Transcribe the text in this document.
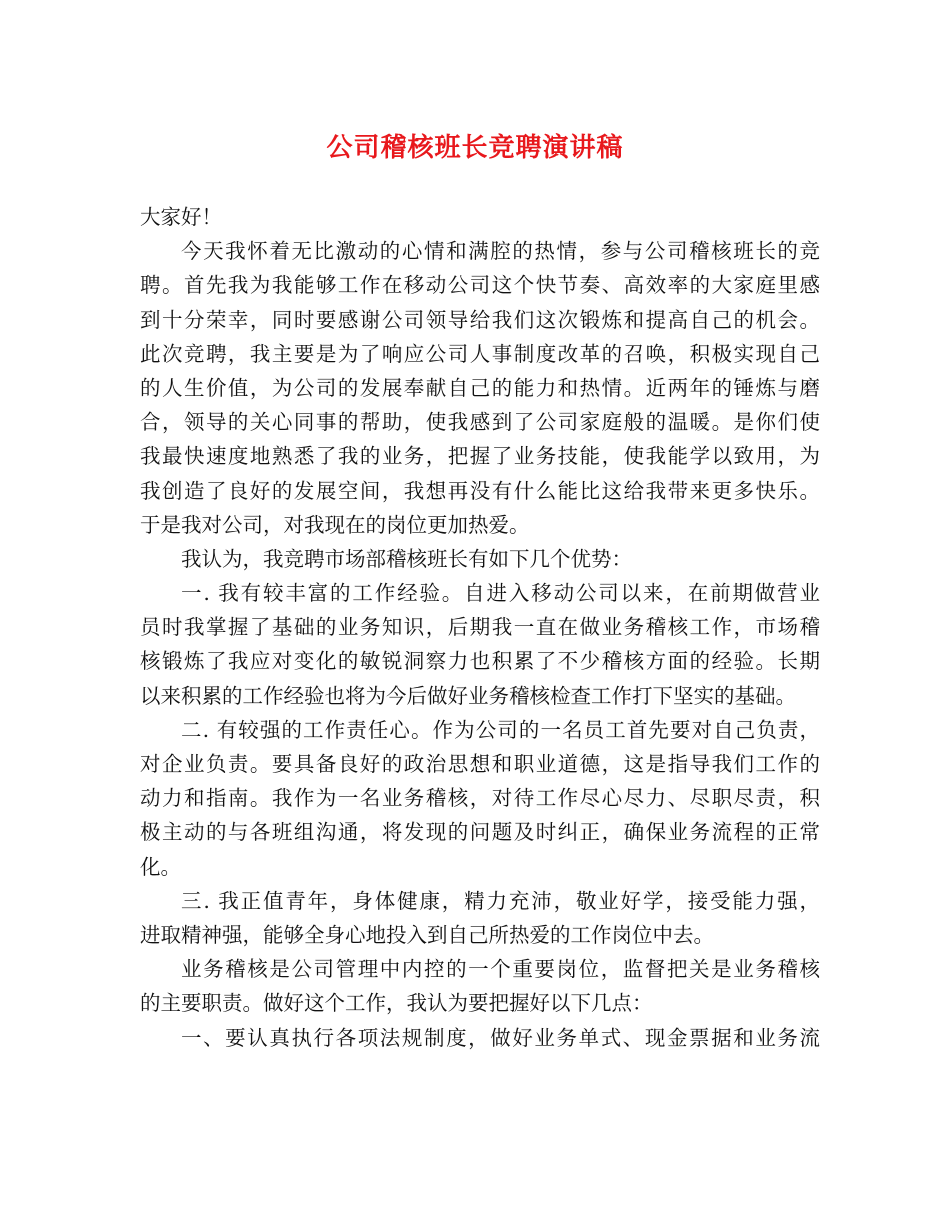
公司稽核班长竞聘演讲稿
大家好！
今天我怀着无比激动的心情和满腔的热情，参与公司稽核班长的竞
聘。首先我为我能够工作在移动公司这个快节奏、高效率的大家庭里感
到十分荣幸，同时要感谢公司领导给我们这次锻炼和提高自己的机会。
此次竞聘，我主要是为了响应公司人事制度改革的召唤，积极实现自己
的人生价值，为公司的发展奉献自己的能力和热情。近两年的锤炼与磨
合，领导的关心同事的帮助，使我感到了公司家庭般的温暖。是你们使
我最快速度地熟悉了我的业务，把握了业务技能，使我能学以致用，为
我创造了良好的发展空间，我想再没有什么能比这给我带来更多快乐。
于是我对公司，对我现在的岗位更加热爱。
我认为，我竞聘市场部稽核班长有如下几个优势：
一. 我有较丰富的工作经验。自进入移动公司以来，在前期做营业
员时我掌握了基础的业务知识，后期我一直在做业务稽核工作，市场稽
核锻炼了我应对变化的敏锐洞察力也积累了不少稽核方面的经验。长期
以来积累的工作经验也将为今后做好业务稽核检查工作打下坚实的基础。
二. 有较强的工作责任心。作为公司的一名员工首先要对自己负责，
对企业负责。要具备良好的政治思想和职业道德，这是指导我们工作的
动力和指南。我作为一名业务稽核，对待工作尽心尽力、尽职尽责，积
极主动的与各班组沟通，将发现的问题及时纠正，确保业务流程的正常
化。
三. 我正值青年，身体健康，精力充沛，敬业好学，接受能力强，
进取精神强，能够全身心地投入到自己所热爱的工作岗位中去。
业务稽核是公司管理中内控的一个重要岗位，监督把关是业务稽核
的主要职责。做好这个工作，我认为要把握好以下几点：
一、要认真执行各项法规制度，做好业务单式、现金票据和业务流
